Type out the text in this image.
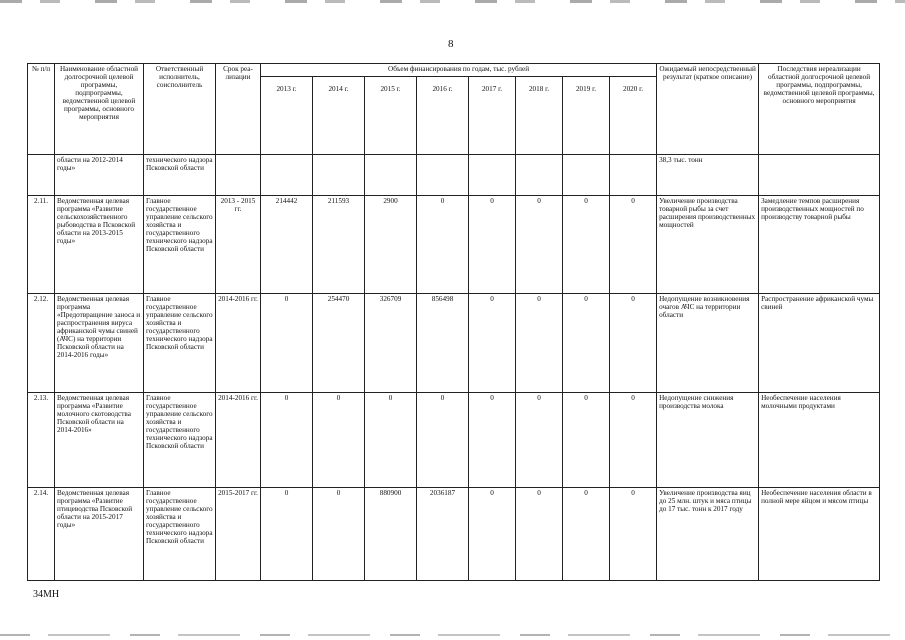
8
№ п/п	Наименование областной долгосрочной целевой программы, подпрограммы, ведомственной целевой программы, основного мероприятия	Ответственный исполнитель, соисполнитель	Срок реа-лизации	Объем финансирования по годам, тыс. рублей								Ожидаемый непосредственный результат (краткое описание)	Последствия нереализации областной долгосрочной целевой программы, подпрограммы, ведомственной целевой программы, основного мероприятия
				2013 г.	2014 г.	2015 г.	2016 г.	2017 г.	2018 г.	2019 г.	2020 г.		
	области на 2012-2014 годы»	технического надзора Псковской области										38,3 тыс. тонн	
2.11.	Ведомственная целевая программа «Развитие сельскохозяйственного рыбоводства в Псковской области на 2013-2015 годы»	Главное государственное управление сельского хозяйства и государственного технического надзора Псковской области	2013 - 2015 гг.	214442	211593	2900	0	0	0	0	0	Увеличение производства товарной рыбы за счет расширения производственных мощностей	Замедление темпов расширения производственных мощностей по производству товарной рыбы
2.12.	Ведомственная целевая программа «Предотвращение заноса и распространения вируса африканской чумы свиней (АЧС) на территории Псковской области на 2014-2016 годы»	Главное государственное управление сельского хозяйства и государственного технического надзора Псковской области	2014-2016 гг.	0	254470	326709	856498	0	0	0	0	Недопущение возникновения очагов АЧС на территории области	Распространение африканской чумы свиней
2.13.	Ведомственная целевая программа «Развитие молочного скотоводства Псковской области на 2014-2016»	Главное государственное управление сельского хозяйства и государственного технического надзора Псковской области	2014-2016 гг.	0	0	0	0	0	0	0	0	Недопущение снижения производства молока	Необеспечение населения молочными продуктами
2.14.	Ведомственная целевая программа «Развитие птицеводства Псковской области на 2015-2017 годы»	Главное государственное управление сельского хозяйства и государственного технического надзора Псковской области	2015-2017 гг.	0	0	880900	2036187	0	0	0	0	Увеличение производства яиц до 25 млн. штук и мяса птицы до 17 тыс. тонн к 2017 году	Необеспечение населения области в полной мере яйцом и мясом птицы
34МН
